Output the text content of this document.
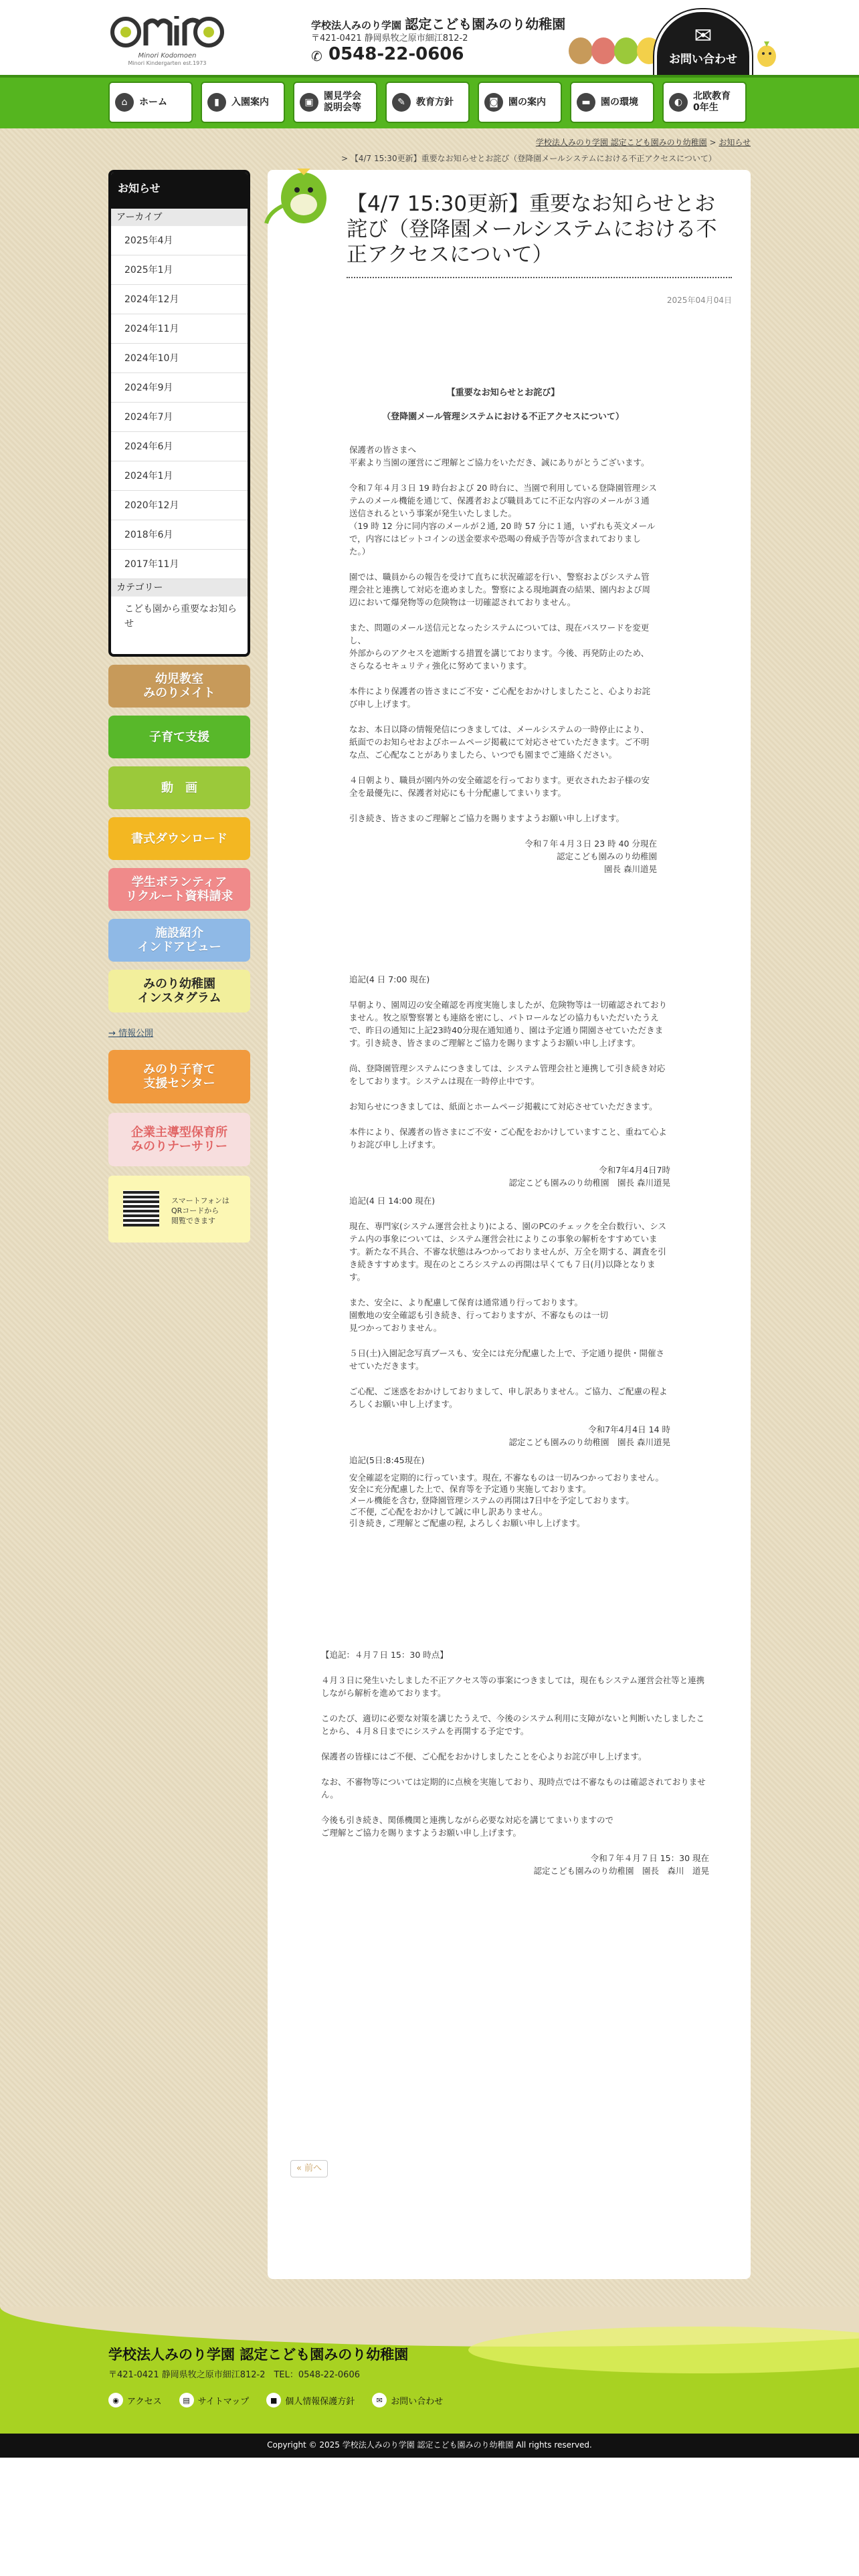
Minori Kodomoen
Minori Kindergarten est.1973
学校法人みのり学園 認定こども園みのり幼稚園
〒421-0421 静岡県牧之原市細江812-2
✆ 0548-22-0606
✉
お問い合わせ
⌂	ホーム	▮	入園案内	▣
園見学会
説明会等	✎	教育方針	◙	園の案内	▬	園の環境	◐
北欧教育
0年生
学校法人みのり学園 認定こども園みのり幼稚園 > お知らせ
> 【4/7 15:30更新】重要なお知らせとお詫び（登降園メールシステムにおける不正アクセスについて）
お知らせ
アーカイブ
2025年4月
2025年1月
2024年12月
2024年11月
2024年10月
2024年9月
2024年7月
2024年6月
2024年1月
2020年12月
2018年6月
2017年11月
カテゴリー
こども園から重要なお知らせ
幼児教室
みのりメイト
子育て支援
動　画
書式ダウンロード
学生ボランティア
リクルート資料請求
施設紹介
インドアビュー
みのり幼稚園
インスタグラム
→ 情報公開
みのり子育て
支援センター
企業主導型保育所
みのりナーサリー
スマートフォンは
QRコードから
閲覧できます
【4/7 15:30更新】重要なお知らせとお詫び（登降園メールシステムにおける不正アクセスについて）
2025年04月04日
【重要なお知らせとお詫び】
（登降園メール管理システムにおける不正アクセスについて）

保護者の皆さまへ
平素より当園の運営にご理解とご協力をいただき、誠にありがとうございます。

令和７年４月３日 19 時台および 20 時台に、当園で利用している登降園管理システムのメール機能を通じて、保護者および職員あてに不正な内容のメールが３通送信されるという事案が発生いたしました。
（19 時 12 分に同内容のメールが２通, 20 時 57 分に１通，いずれも英文メールで，内容にはビットコインの送金要求や恐喝の脅威予告等が含まれておりました。）

園では、職員からの報告を受けて直ちに状況確認を行い、警察およびシステム管理会社と連携して対応を進めました。警察による現地調査の結果、園内および周辺において爆発物等の危険物は一切確認されておりません。

また、問題のメール送信元となったシステムについては、現在パスワードを変更し、
外部からのアクセスを遮断する措置を講じております。今後、再発防止のため、さらなるセキュリティ強化に努めてまいります。

本件により保護者の皆さまにご不安・ご心配をおかけしましたこと、心よりお詫び申し上げます。

なお、本日以降の情報発信につきましては、メールシステムの一時停止により、紙面でのお知らせおよびホームページ掲載にて対応させていただきます。ご不明な点、ご心配なことがありましたら、いつでも園までご連絡ください。

４日朝より、職員が園内外の安全確認を行っております。更衣されたお子様の安全を最優先に、保護者対応にも十分配慮してまいります。

引き続き、皆さまのご理解とご協力を賜りますようお願い申し上げます。

令和７年４月３日 23 時 40 分現在
認定こども園みのり幼稚園
園長 森川道晃

追記(4 日 7:00 現在)

早朝より、園周辺の安全確認を再度実施しましたが、危険物等は一切確認されておりません。牧之原警察署とも連絡を密にし、パトロールなどの協力もいただいたうえで、昨日の通知に上記23時40分現在通知通り、園は予定通り開園させていただきます。引き続き、皆さまのご理解とご協力を賜りますようお願い申し上げます。

尚、登降園管理システムにつきましては、システム管理会社と連携して引き続き対応をしております。システムは現在一時停止中です。

お知らせにつきましては、紙面とホームページ掲載にて対応させていただきます。

本件により、保護者の皆さまにご不安・ご心配をおかけしていますこと、重ねて心よりお詫び申し上げます。

令和7年4月4日7時
認定こども園みのり幼稚園　園長 森川道晃

追記(4 日 14:00 現在)

現在、専門家(システム運営会社より)による、園のPCのチェックを全台数行い、システム内の事象については、システム運営会社によりこの事象の解析をすすめています。新たな不具合、不審な状態はみつかっておりませんが、万全を期する、調査を引き続きすすめます。現在のところシステムの再開は早くても７日(月)以降となります。

また、安全に、より配慮して保育は通常通り行っております。
園敷地の安全確認も引き続き、行っておりますが、不審なものは一切
見つかっておりません。

５日(土)入園記念写真ブースも、安全には充分配慮した上で、予定通り提供・開催させていただきます。

ご心配、ご迷惑をおかけしておりまして、申し訳ありません。ご協力、ご配慮の程よろしくお願い申し上げます。

令和7年4月4日 14 時
認定こども園みのり幼稚園　園長 森川道晃
追記(5日:8:45現在)
安全確認を定期的に行っています。現在, 不審なものは一切みつかっておりません。
安全に充分配慮した上で、保育等を予定通り実施しております。
メール機能を含む, 登降園管理システムの再開は7日中を予定しております。
ご不便, ご心配をおかけして誠に申し訳ありません。
引き続き, ご理解とご配慮の程, よろしくお願い申し上げます。

【追記：４月７日 15：30 時点】

４月３日に発生いたしました不正アクセス等の事案につきましては，現在もシステム運営会社等と連携しながら解析を進めております。

このたび、適切に必要な対策を講じたうえで、今後のシステム利用に支障がないと判断いたしましたことから、４月８日までにシステムを再開する予定です。

保護者の皆様にはご不便、ご心配をおかけしましたことを心よりお詫び申し上げます。

なお、不審物等については定期的に点検を実施しており、現時点では不審なものは確認されておりません。

今後も引き続き、関係機関と連携しながら必要な対応を講じてまいりますので
ご理解とご協力を賜りますようお願い申し上げます。

令和７年４月７日 15：30 現在
認定こども園みのり幼稚園　園長　森川　道晃
« 前へ
学校法人みのり学園 認定こども園みのり幼稚園
〒421-0421 静岡県牧之原市細江812-2　TEL：0548-22-0606
◉ アクセス	▤ サイトマップ	■ 個人情報保護方針	✉ お問い合わせ
Copyright © 2025 学校法人みのり学園 認定こども園みのり幼稚園 All rights reserved.
